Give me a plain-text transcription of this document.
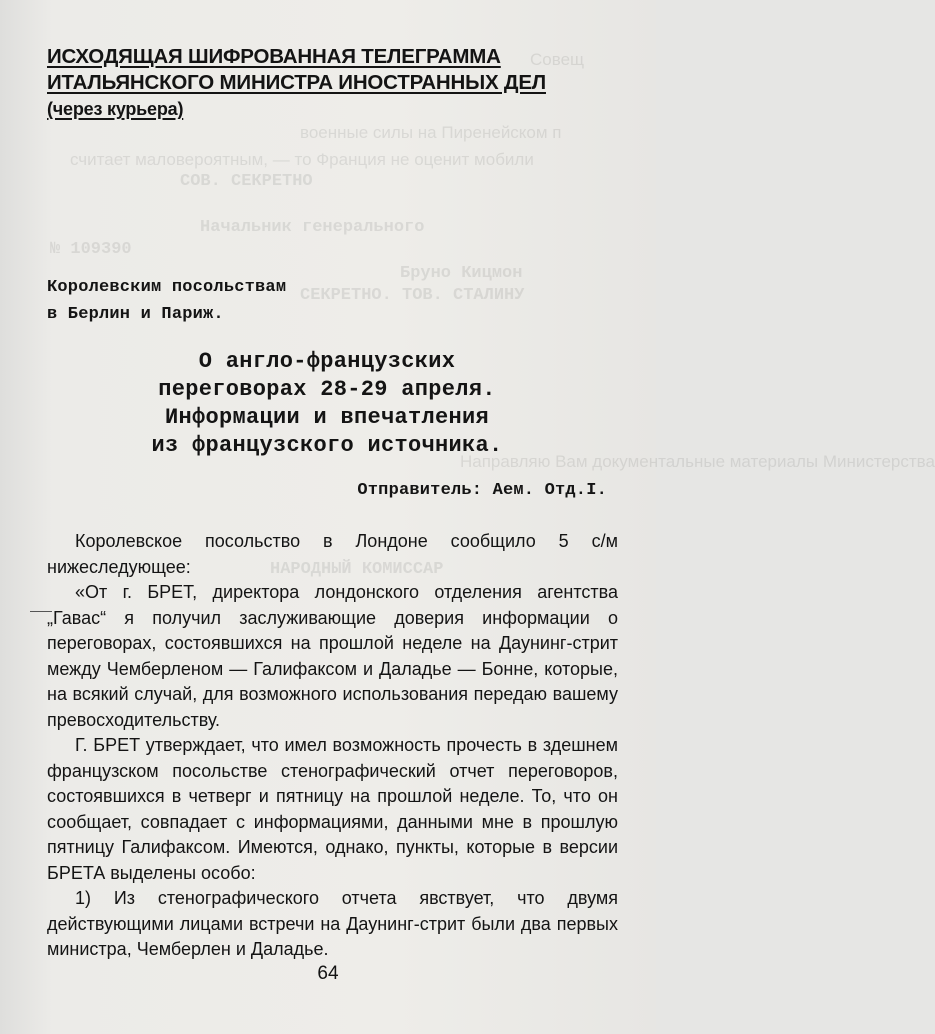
Совещ
военные силы на Пиренейском п
считает маловероятным, — то Франция не оценит мобили
СОВ. СЕКРЕТНО
Начальник генерального
№ 109390
Бруно Кицмон
СЕКРЕТНО. ТОВ. СТАЛИНУ
Направляю Вам документальные материалы Министерства
НАРОДНЫЙ КОМИССАР
ИСХОДЯЩАЯ ШИФРОВАННАЯ ТЕЛЕГРАММА
ИТАЛЬЯНСКОГО МИНИСТРА ИНОСТРАННЫХ ДЕЛ
(через курьера)
Королевским посольствам
в Берлин и Париж.
О англо-французских
переговорах 28-29 апреля.
Информации и впечатления
из французского источника.
Отправитель: Аем. Отд.I.

Королевское посольство в Лондоне сообщило 5 с/м нижеследующее:

«От г. БРЕТ, директора лондонского отделения агентства „Гавас“ я получил заслуживающие доверия информации о переговорах, состоявшихся на прошлой неделе на Даунинг-стрит между Чемберленом — Галифаксом и Даладье — Бонне, которые, на всякий случай, для возможного использования передаю вашему превосходительству.

Г. БРЕТ утверждает, что имел возможность прочесть в здешнем французском посольстве стенографический отчет переговоров, состоявшихся в четверг и пятницу на прошлой неделе. То, что он сообщает, совпадает с информациями, данными мне в прошлую пятницу Галифаксом. Имеются, однако, пункты, которые в версии БРЕТА выделены особо:

1) Из стенографического отчета явствует, что двумя действующими лицами встречи на Даунинг-стрит были два первых министра, Чемберлен и Даладье.

64
